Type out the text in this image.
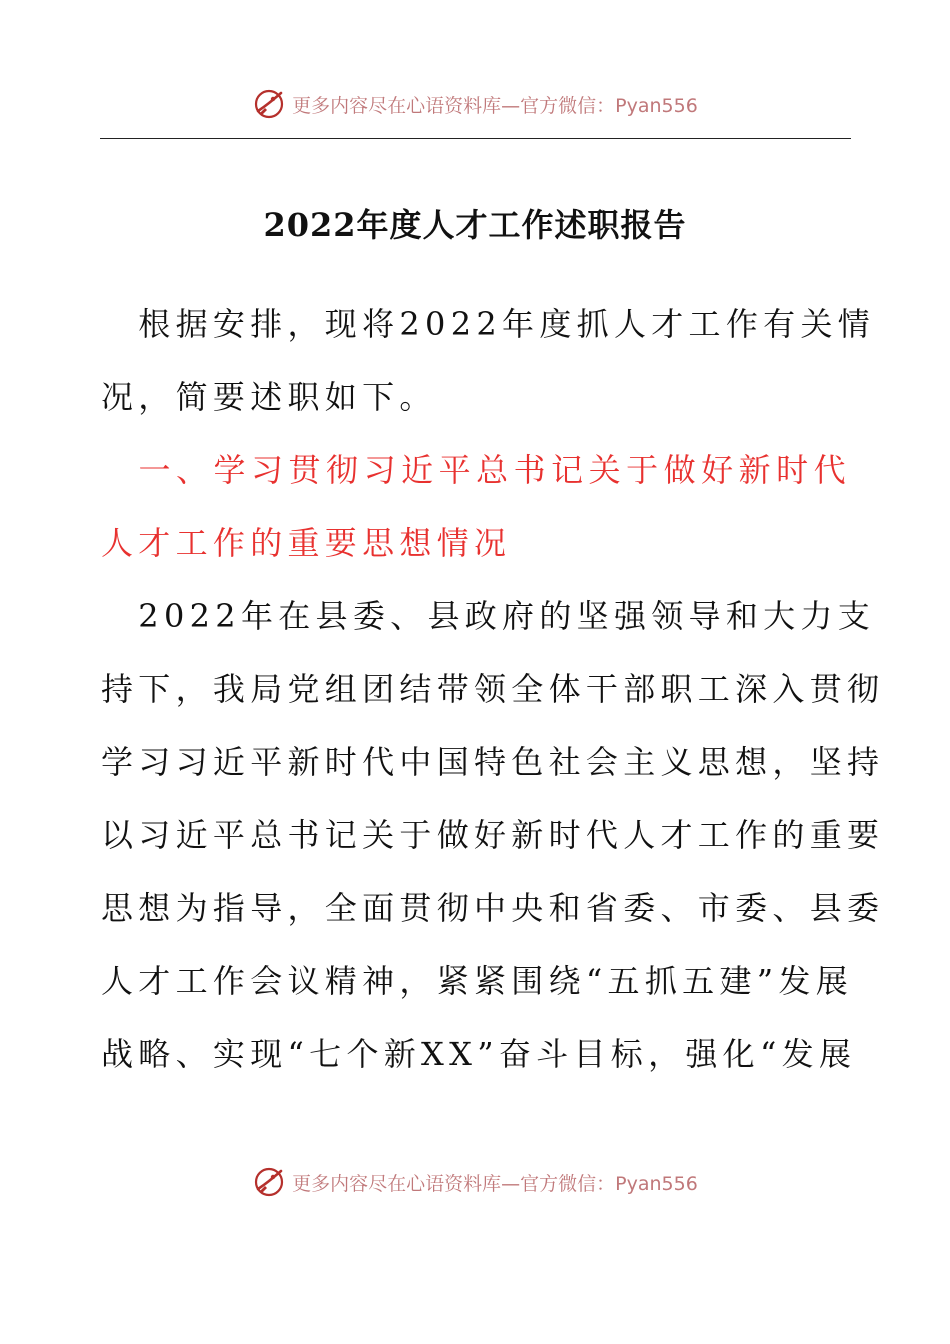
更多内容尽在心语资料库—官方微信：Pyan556
2022年度人才工作述职报告
　根据安排，现将2022年度抓人才工作有关情
况，简要述职如下。
　一、学习贯彻习近平总书记关于做好新时代
人才工作的重要思想情况
　2022年在县委、县政府的坚强领导和大力支
持下，我局党组团结带领全体干部职工深入贯彻
学习习近平新时代中国特色社会主义思想，坚持
以习近平总书记关于做好新时代人才工作的重要
思想为指导，全面贯彻中央和省委、市委、县委
人才工作会议精神，紧紧围绕“五抓五建”发展
战略、实现“七个新XX”奋斗目标，强化“发展
更多内容尽在心语资料库—官方微信：Pyan556
